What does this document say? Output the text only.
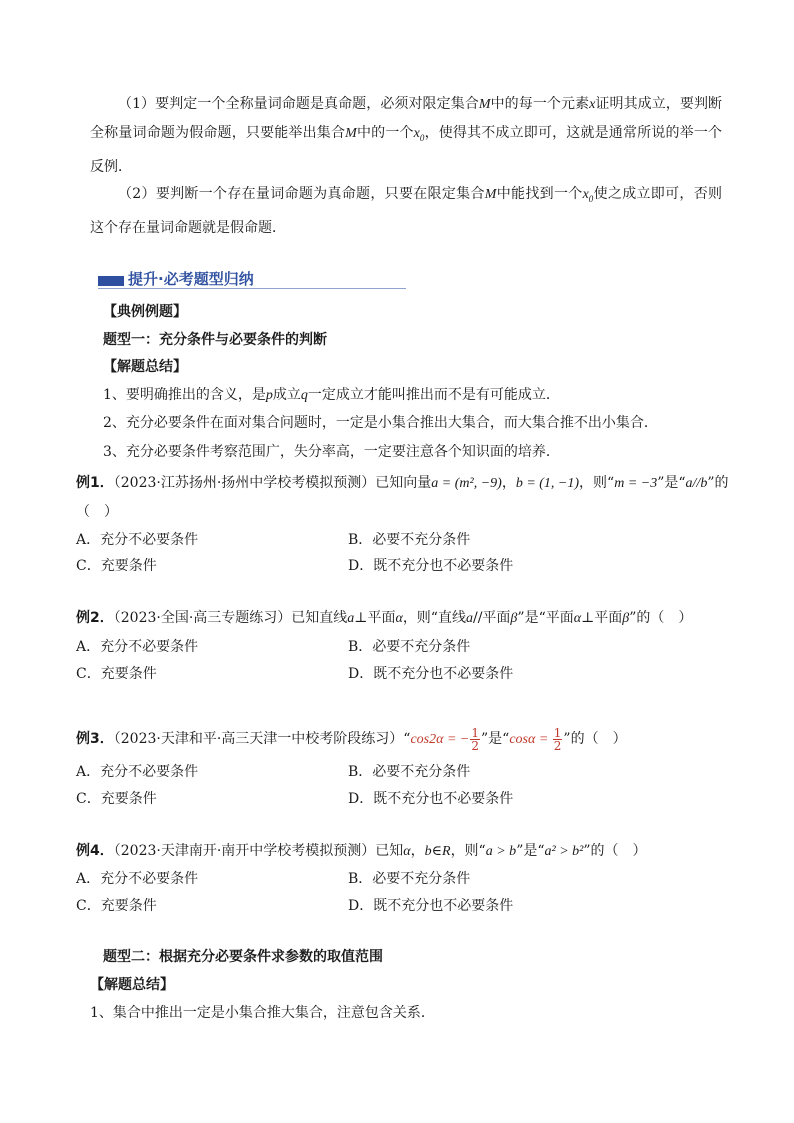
（1）要判定一个全称量词命题是真命题，必须对限定集合M中的每一个元素x证明其成立，要判断全称量词命题为假命题，只要能举出集合M中的一个$x_0$，使得其不成立即可，这就是通常所说的举一个反例．
（2）要判断一个存在量词命题为真命题，只要在限定集合M中能找到一个$x_0$使之成立即可，否则这个存在量词命题就是假命题．
提升·必考题型归纳
【典例例题】
题型一：充分条件与必要条件的判断
【解题总结】
1、要明确推出的含义，是p成立q一定成立才能叫推出而不是有可能成立．
2、充分必要条件在面对集合问题时，一定是小集合推出大集合，而大集合推不出小集合．
3、充分必要条件考察范围广，失分率高，一定要注意各个知识面的培养．
例1．（2023·江苏扬州·扬州中学校考模拟预测）已知向量a = (m², −9)，b = (1, −1)，则“m = −3”是“a//b”的
（　）
A．充分不必要条件	B．必要不充分条件
C．充要条件	D．既不充分也不必要条件
例2．（2023·全国·高三专题练习）已知直线a⊥平面α，则“直线a//平面β”是“平面α⊥平面β”的（　）
A．充分不必要条件	B．必要不充分条件
C．充要条件	D．既不充分也不必要条件
例3．（2023·天津和平·高三天津一中校考阶段练习）“cos2α = − $\frac{1}{2}$ ”是“$\cos\alpha = \frac{1}{2}$ ”的（　）
A．充分不必要条件	B．必要不充分条件
C．充要条件	D．既不充分也不必要条件
例4．（2023·天津南开·南开中学校考模拟预测）已知α，b∈R，则“a > b”是“a² > b²”的（　）
A．充分不必要条件	B．必要不充分条件
C．充要条件	D．既不充分也不必要条件
题型二：根据充分必要条件求参数的取值范围
【解题总结】
1、集合中推出一定是小集合推大集合，注意包含关系．
